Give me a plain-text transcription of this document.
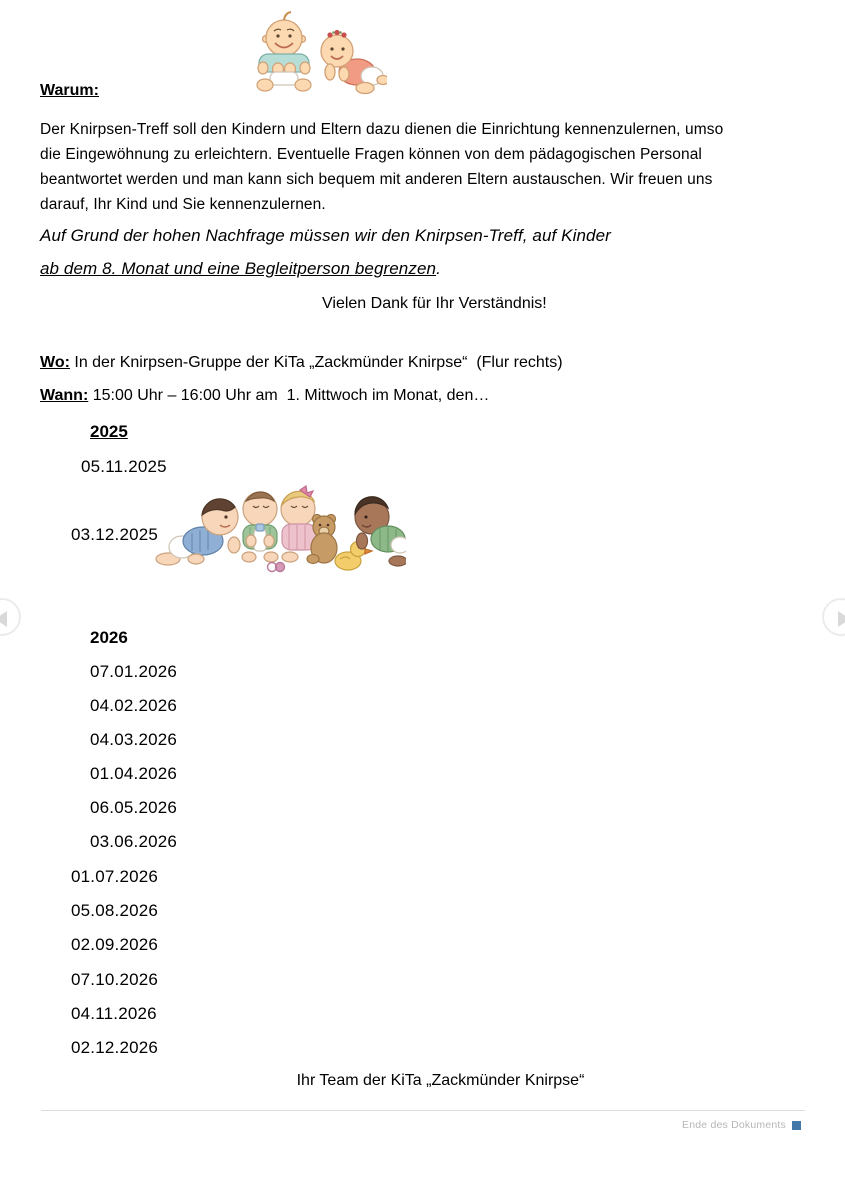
Warum:
Der Knirpsen-Treff soll den Kindern und Eltern dazu dienen die Einrichtung kennenzulernen, umso
die Eingewöhnung zu erleichtern. Eventuelle Fragen können von dem pädagogischen Personal
beantwortet werden und man kann sich bequem mit anderen Eltern austauschen. Wir freuen uns
darauf, Ihr Kind und Sie kennenzulernen.
Auf Grund der hohen Nachfrage müssen wir den Knirpsen-Treff, auf Kinder
ab dem 8. Monat und eine Begleitperson begrenzen.
Vielen Dank für Ihr Verständnis!
Wo: In der Knirpsen-Gruppe der KiTa „Zackmünder Knirpse“  (Flur rechts)
Wann: 15:00 Uhr – 16:00 Uhr am  1. Mittwoch im Monat, den…
2025
05.11.2025
03.12.2025
2026
07.01.2026
04.02.2026
04.03.2026
01.04.2026
06.05.2026
03.06.2026
01.07.2026
05.08.2026
02.09.2026
07.10.2026
04.11.2026
02.12.2026
Ihr Team der KiTa „Zackmünder Knirpse“
Ende des Dokuments
